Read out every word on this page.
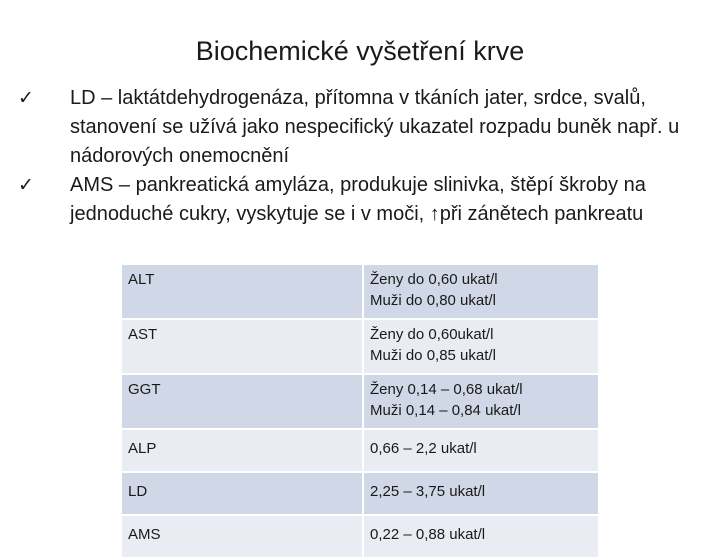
Biochemické vyšetření krve
✓	LD – laktátdehydrogenáza, přítomna v tkáních jater, srdce, svalů, stanovení se užívá jako nespecifický ukazatel rozpadu buněk např. u nádorových onemocnění
✓	AMS – pankreatická amyláza, produkuje slinivka, štěpí škroby na jednoduché cukry, vyskytuje se i v moči, ↑při zánětech pankreatu
ALT	Ženy do 0,60 ukat/l
Muži do 0,80 ukat/l

AST	Ženy do 0,60ukat/l
Muži do 0,85 ukat/l

GGT	Ženy 0,14 – 0,68 ukat/l
Muži 0,14 – 0,84 ukat/l

ALP	0,66 – 2,2 ukat/l

LD	2,25 – 3,75 ukat/l

AMS	0,22 – 0,88 ukat/l
